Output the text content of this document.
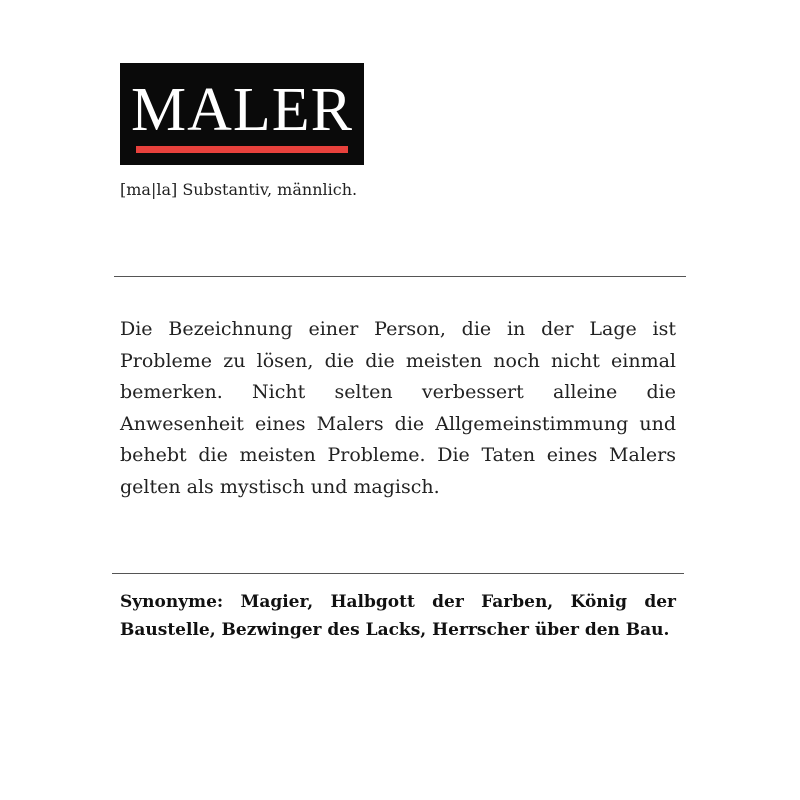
MALER
[ma|la] Substantiv, männlich.

Die Bezeichnung einer Person, die in der Lage ist Probleme zu lösen, die die meisten noch nicht einmal bemerken. Nicht selten verbessert alleine die Anwesenheit eines Malers die Allgemeinstimmung und behebt die meisten Probleme. Die Taten eines Malers gelten als mystisch und magisch.

Synonyme: Magier, Halbgott der Farben, König der Baustelle, Bezwinger des Lacks, Herrscher über den Bau.
